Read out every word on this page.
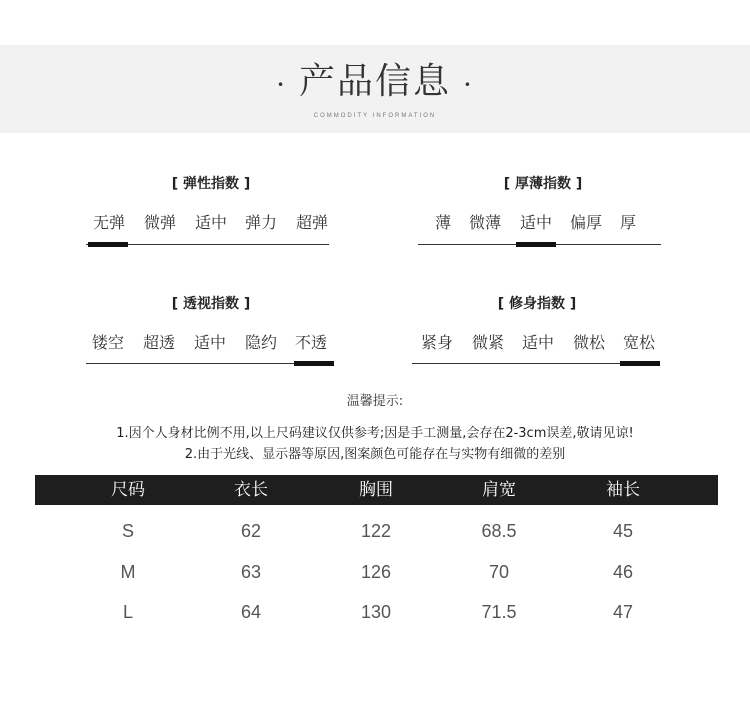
· 产品信息 ·
COMMODITY INFORMATION
[ 弹性指数 ]
无弹	微弹	适中	弹力	超弹
[ 厚薄指数 ]
薄	微薄	适中	偏厚	厚
[ 透视指数 ]
镂空	超透	适中	隐约	不透
[ 修身指数 ]
紧身	微紧	适中	微松	宽松
温馨提示:
1.因个人身材比例不用,以上尺码建议仅供参考;因是手工测量,会存在2-3cm误差,敬请见谅!
2.由于光线、显示器等原因,图案颜色可能存在与实物有细微的差别
尺码	衣长	胸围	肩宽	袖长
S	62	122	68.5	45
M	63	126	70	46
L	64	130	71.5	47
